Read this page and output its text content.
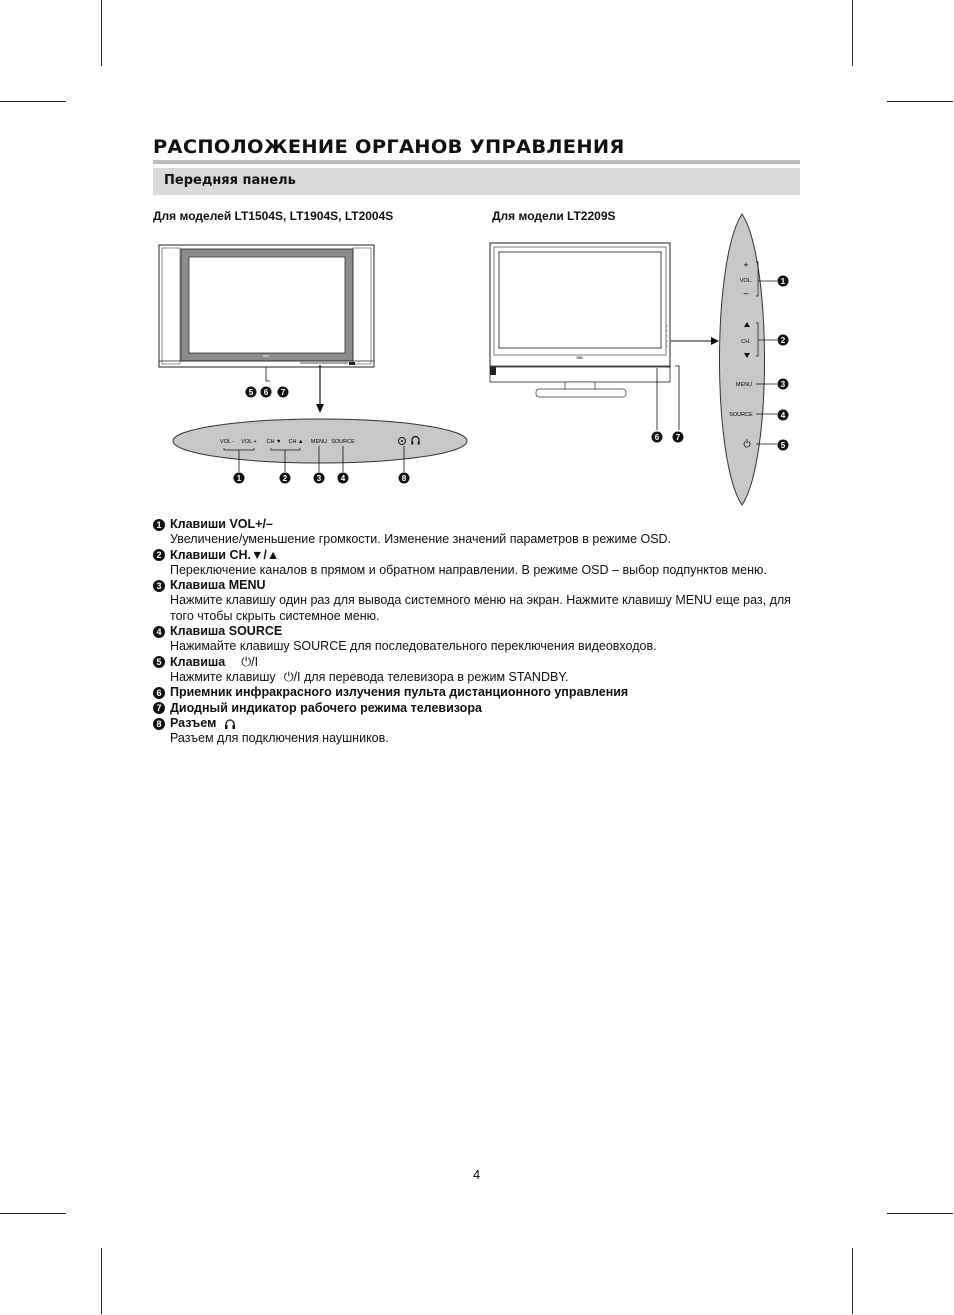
РАСПОЛОЖЕНИЕ ОРГАНОВ УПРАВЛЕНИЯ
Передняя панель
Для моделей LT1504S, LT1904S, LT2004S	Для модели LT2209S
BBK
5 6 7
VOL - VOL + CH ▼ CH ▲ MENU SOURCE
1	2	3 4	8
BBK
6 7
+
VOL.
–
1
CH.	2
MENU	3
SOURCE	4
5
1 Клавиши VOL+/–
Увеличение/уменьшение громкости. Изменение значений параметров в режиме OSD.
2 Клавиши CH.▼/▲
Переключение каналов в прямом и обратном направлении. В режиме OSD – выбор подпунктов меню.
3 Клавиша MENU
Нажмите клавишу один раз для вывода системного меню на экран. Нажмите клавишу MENU еще раз, для того чтобы скрыть системное меню.
4 Клавиша SOURCE
Нажимайте клавишу SOURCE для последовательного переключения видеовходов.
5 Клавиша ⏻ /I
Нажмите клавишу ⏻/I для перевода телевизора в режим STANDBY.
6 Приемник инфракрасного излучения пульта дистанционного управления
7 Диодный индикатор рабочего режима телевизора
8 Разъем
Разъем для подключения наушников.
4
